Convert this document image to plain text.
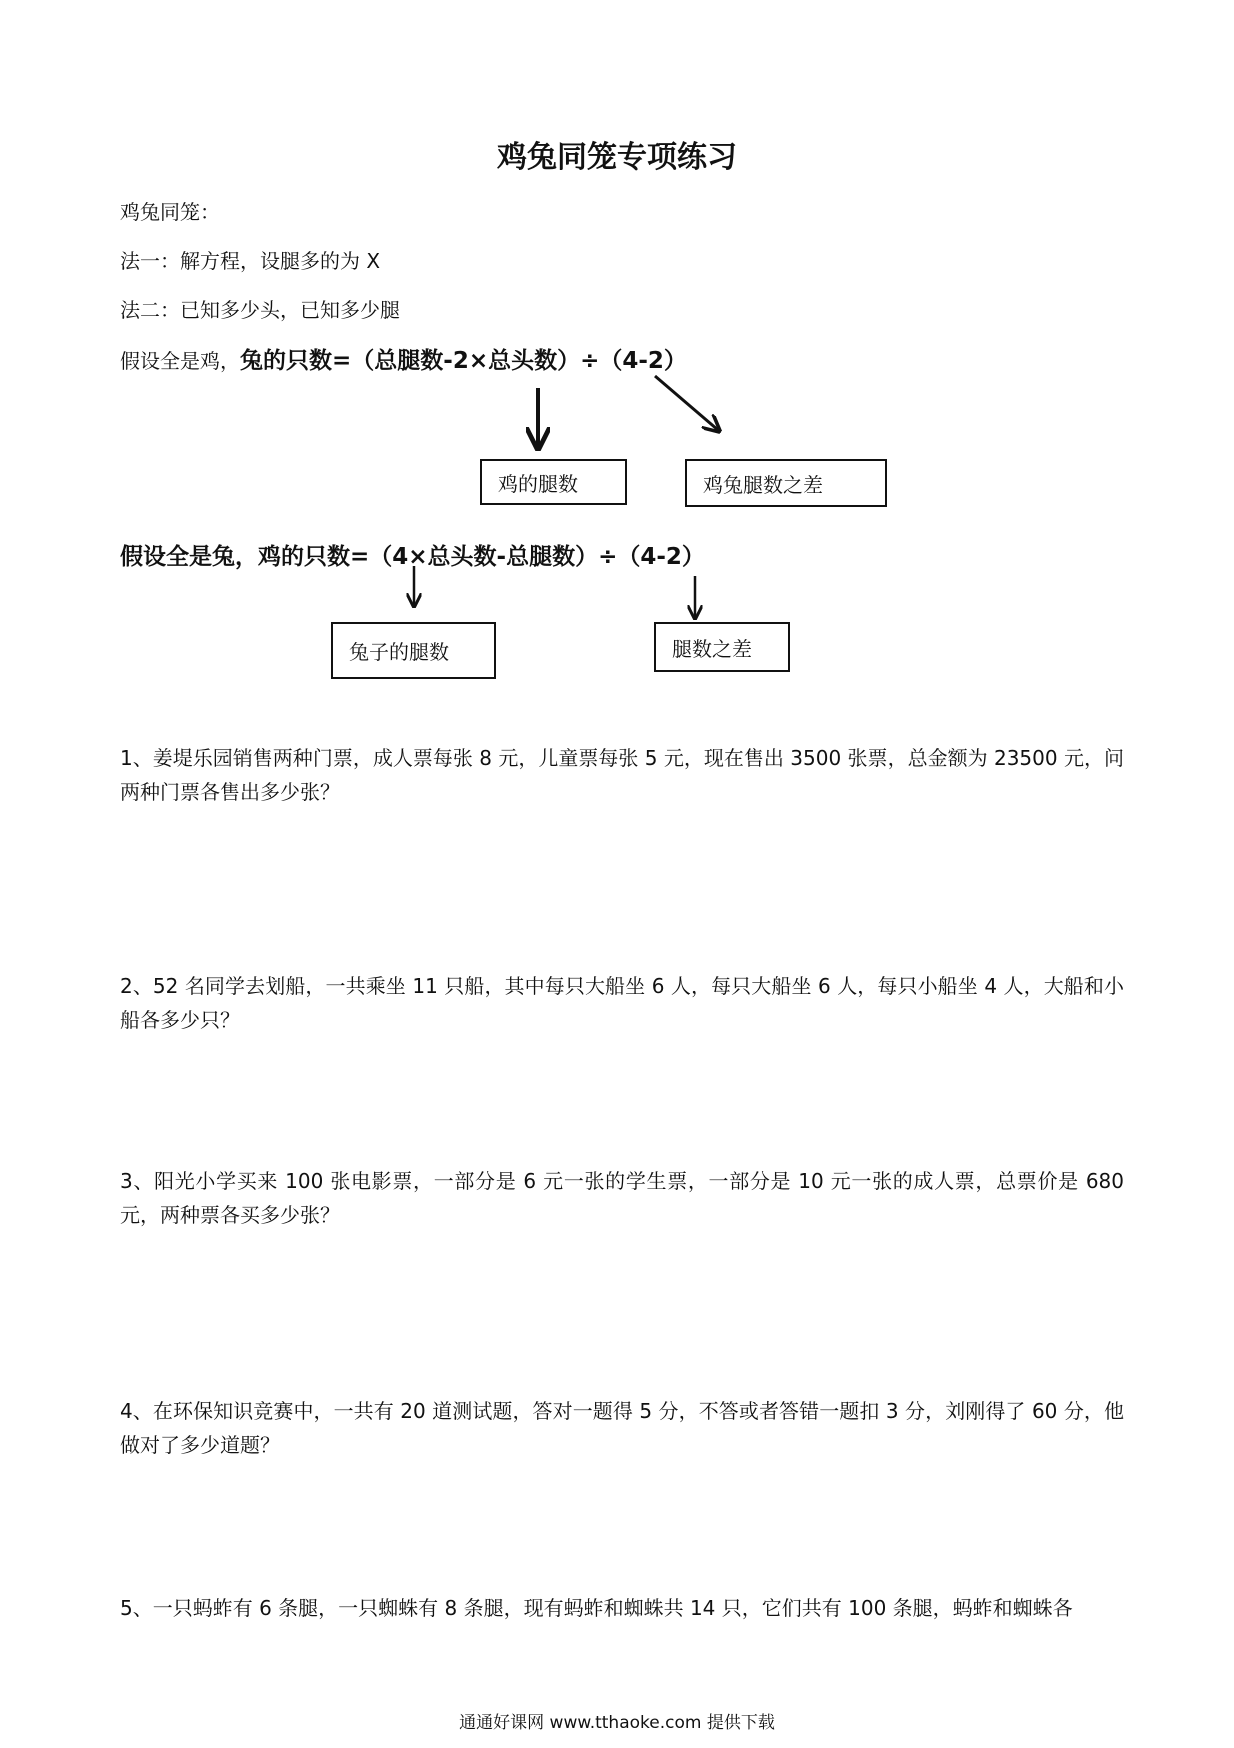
鸡兔同笼专项练习
鸡兔同笼：
法一：解方程，设腿多的为 X
法二：已知多少头，已知多少腿
假设全是鸡，兔的只数=（总腿数-2×总头数）÷（4-2）
鸡的腿数	鸡兔腿数之差
假设全是兔，鸡的只数=（4×总头数-总腿数）÷（4-2）
兔子的腿数	腿数之差
1、姜堤乐园销售两种门票，成人票每张 8 元，儿童票每张 5 元，现在售出 3500 张票，总金额为 23500 元，问两种门票各售出多少张？
2、52 名同学去划船，一共乘坐 11 只船，其中每只大船坐 6 人，每只大船坐 6 人，每只小船坐 4 人，大船和小船各多少只？
3、阳光小学买来 100 张电影票，一部分是 6 元一张的学生票，一部分是 10 元一张的成人票，总票价是 680 元，两种票各买多少张？
4、在环保知识竞赛中，一共有 20 道测试题，答对一题得 5 分，不答或者答错一题扣 3 分，刘刚得了 60 分，他做对了多少道题？
5、一只蚂蚱有 6 条腿，一只蜘蛛有 8 条腿，现有蚂蚱和蜘蛛共 14 只，它们共有 100 条腿，蚂蚱和蜘蛛各
通通好课网 www.tthaoke.com 提供下载
